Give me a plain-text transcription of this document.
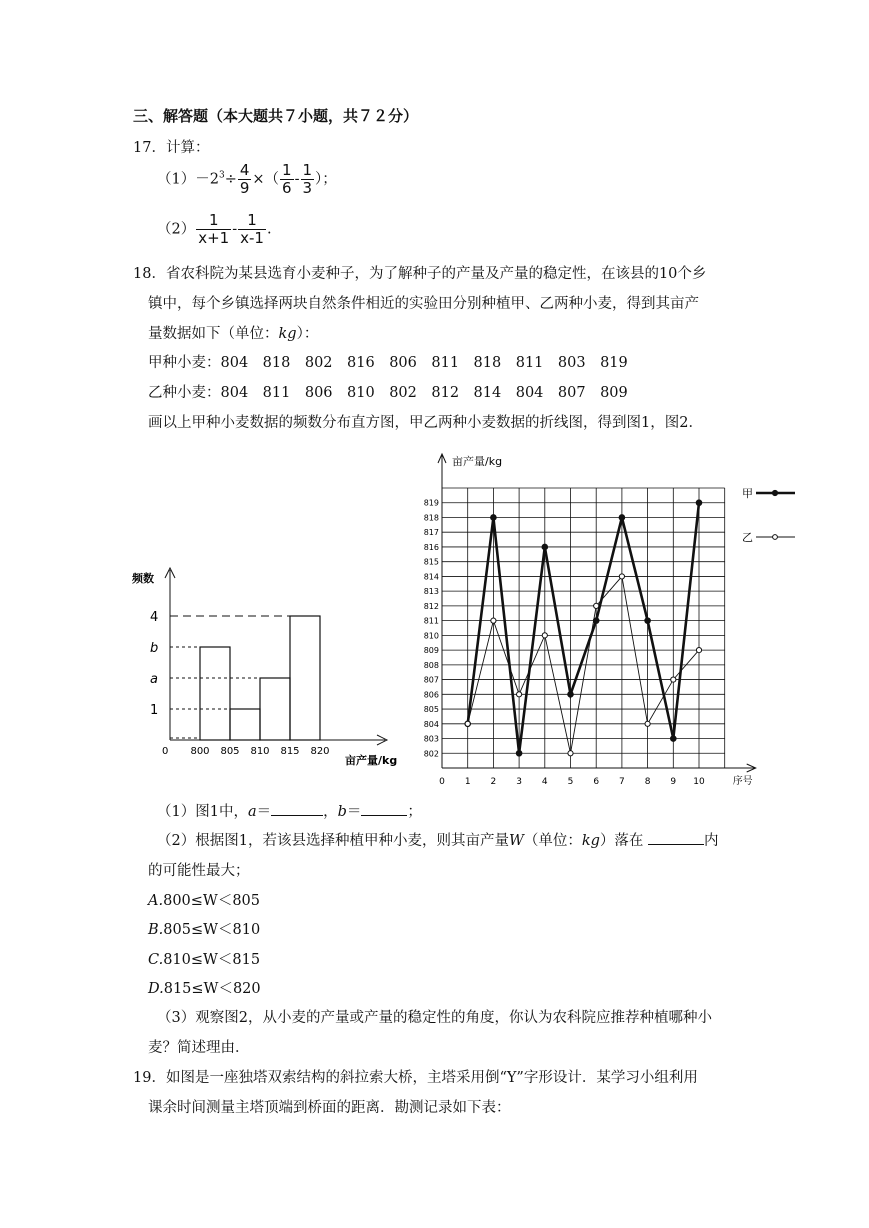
三、解答题（本大题共７小题，共７２分）
17．计算：
$(1)-2^3\div \frac{4}{9}$ ×（ $\frac{1}{6} - \frac{1}{3}$ ）；
$(2) \frac{1}{x+1} - \frac{1}{x-1}$ .
18．省农科院为某县选育小麦种子，为了解种子的产量及产量的稳定性，在该县的10个乡
镇中，每个乡镇选择两块自然条件相近的实验田分别种植甲、乙两种小麦，得到其亩产
量数据如下（单位：kg）：
甲种小麦：804　818　802　816　806　811　818　811　803　819
乙种小麦：804　811　806　810　802　812　814　804　807　809
画以上甲种小麦数据的频数分布直方图，甲乙两种小麦数据的折线图，得到图1，图2．
频数
亩产量/kg
0 800 805 810 815 820
1
a
b
4
亩产量/kg
序号
802
803
804
805
806
807
808
809
810
811
812
813
814
815
816
817
818
819
0 1 2 3 4 5 6 7 8 9 10
甲
乙
（1）图1中，a＝	，b＝	；
（2）根据图1，若该县选择种植甲种小麦，则其亩产量W（单位：kg）落在	内
的可能性最大；
A.800≤W＜805
B.805≤W＜810
C.810≤W＜815
D.815≤W＜820
（3）观察图2，从小麦的产量或产量的稳定性的角度，你认为农科院应推荐种植哪种小
麦？简述理由．
19．如图是一座独塔双索结构的斜拉索大桥，主塔采用倒“Y”字形设计．某学习小组利用
课余时间测量主塔顶端到桥面的距离．勘测记录如下表：
